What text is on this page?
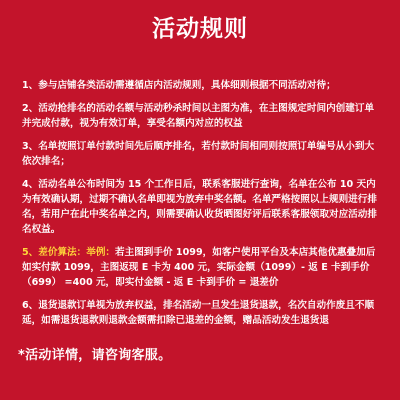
活动规则
1、参与店铺各类活动需遵循店内活动规则，具体细则根据不同活动对待；
2、活动抢排名的活动名额与活动秒杀时间以主图为准，在主图规定时间内创建订单并完成付款，视为有效订单，享受名额内对应的权益
3、名单按照订单付款时间先后顺序排名，若付款时间相同则按照订单编号从小到大依次排名；
4、活动名单公布时间为 15 个工作日后，联系客服进行查询，名单在公布 10 天内为有效确认期，过期不确认名单即视为放弃中奖名额。名单严格按照以上规则进行排名，若用户在此中奖名单之内，则需要确认收货晒图好评后联系客服领取对应活动排名权益。
5、差价算法：举例：若主图到手价 1099，如客户使用平台及本店其他优惠叠加后如实付款 1099，主图返现 E 卡为 400 元，实际金额（1099）- 返 E 卡到手价 （699） =400 元，即实付金额 - 返 E 卡到手价 = 退差价
6、退货退款订单视为放弃权益，排名活动一旦发生退货退款，名次自动作废且不顺延，如需退货退款则退款金额需扣除已退差的金额，赠品活动发生退货退
*活动详情，请咨询客服。
